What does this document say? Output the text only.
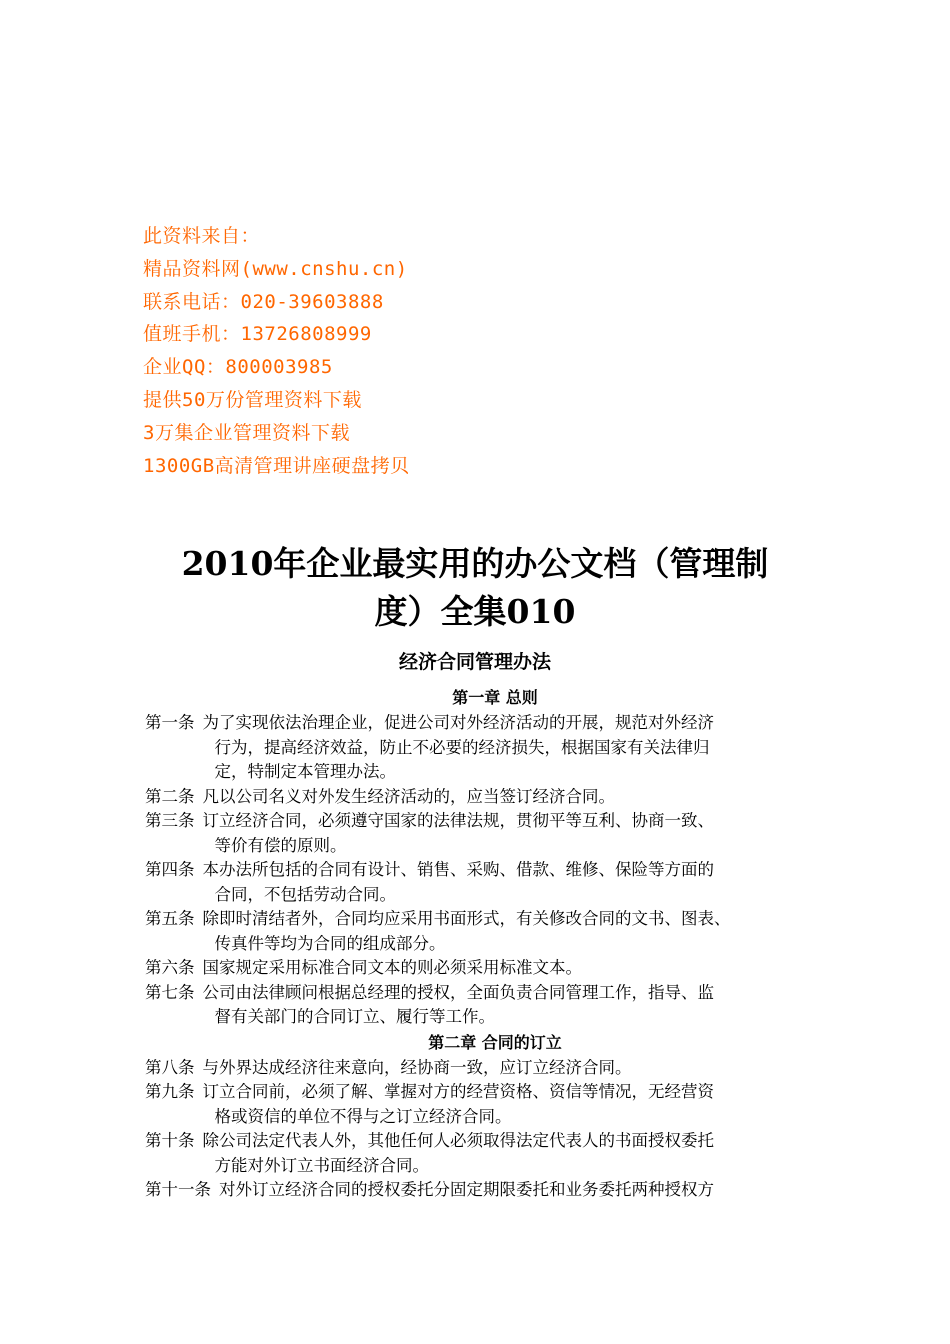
此资料来自：
精品资料网(www.cnshu.cn)
联系电话：020-39603888
值班手机：13726808999
企业QQ：800003985
提供50万份管理资料下载
3万集企业管理资料下载
1300GB高清管理讲座硬盘拷贝
2010年企业最实用的办公文档（管理制
度）全集010
经济合同管理办法
第一章 总则
第一条 为了实现依法治理企业，促进公司对外经济活动的开展，规范对外经济
行为，提高经济效益，防止不必要的经济损失，根据国家有关法律归
定，特制定本管理办法。
第二条 凡以公司名义对外发生经济活动的，应当签订经济合同。
第三条 订立经济合同，必须遵守国家的法律法规，贯彻平等互利、协商一致、
等价有偿的原则。
第四条 本办法所包括的合同有设计、销售、采购、借款、维修、保险等方面的
合同，不包括劳动合同。
第五条 除即时清结者外，合同均应采用书面形式，有关修改合同的文书、图表、
传真件等均为合同的组成部分。
第六条 国家规定采用标准合同文本的则必须采用标准文本。
第七条 公司由法律顾问根据总经理的授权，全面负责合同管理工作，指导、监
督有关部门的合同订立、履行等工作。
第二章 合同的订立
第八条 与外界达成经济往来意向，经协商一致，应订立经济合同。
第九条 订立合同前，必须了解、掌握对方的经营资格、资信等情况，无经营资
格或资信的单位不得与之订立经济合同。
第十条 除公司法定代表人外，其他任何人必须取得法定代表人的书面授权委托
方能对外订立书面经济合同。
第十一条 对外订立经济合同的授权委托分固定期限委托和业务委托两种授权方
